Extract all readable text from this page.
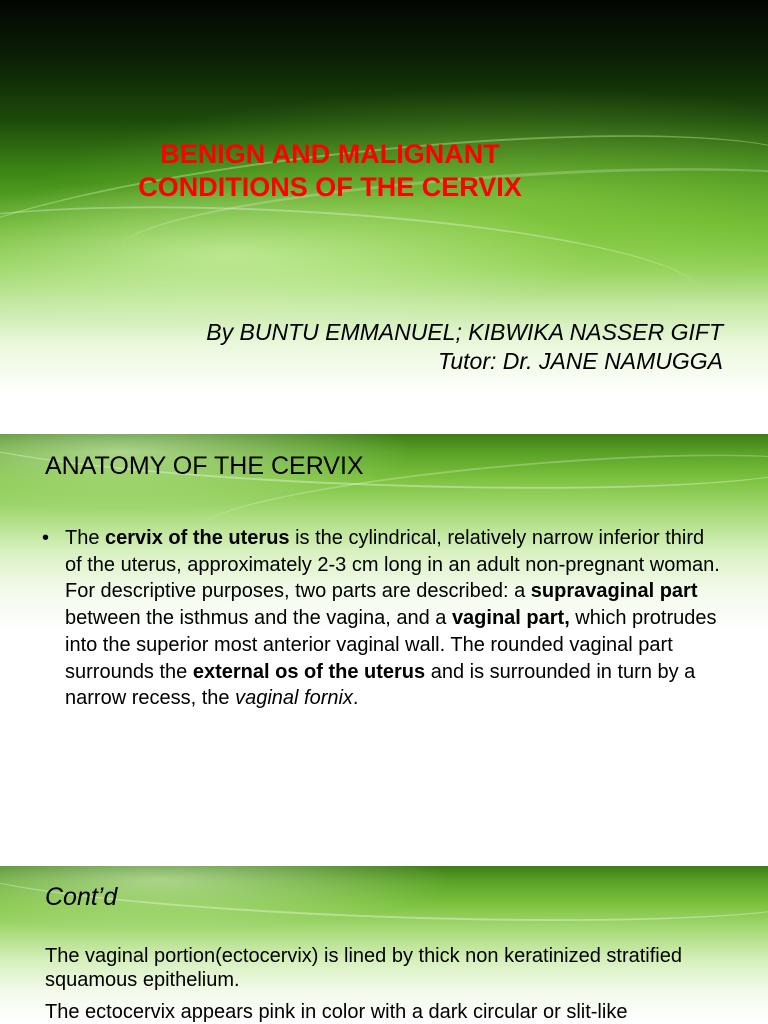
BENIGN AND MALIGNANT
CONDITIONS OF THE CERVIX
By BUNTU EMMANUEL; KIBWIKA NASSER GIFT
Tutor: Dr. JANE NAMUGGA
ANATOMY OF THE CERVIX
• The cervix of the uterus is the cylindrical, relatively narrow inferior third of the uterus, approximately 2-3 cm long in an adult non-pregnant woman. For descriptive purposes, two parts are described: a supravaginal part between the isthmus and the vagina, and a vaginal part, which protrudes into the superior most anterior vaginal wall. The rounded vaginal part surrounds the external os of the uterus and is surrounded in turn by a narrow recess, the vaginal fornix.
Cont’d
The vaginal portion(ectocervix) is lined by thick non keratinized stratified squamous epithelium.
The ectocervix appears pink in color with a dark circular or slit-like
